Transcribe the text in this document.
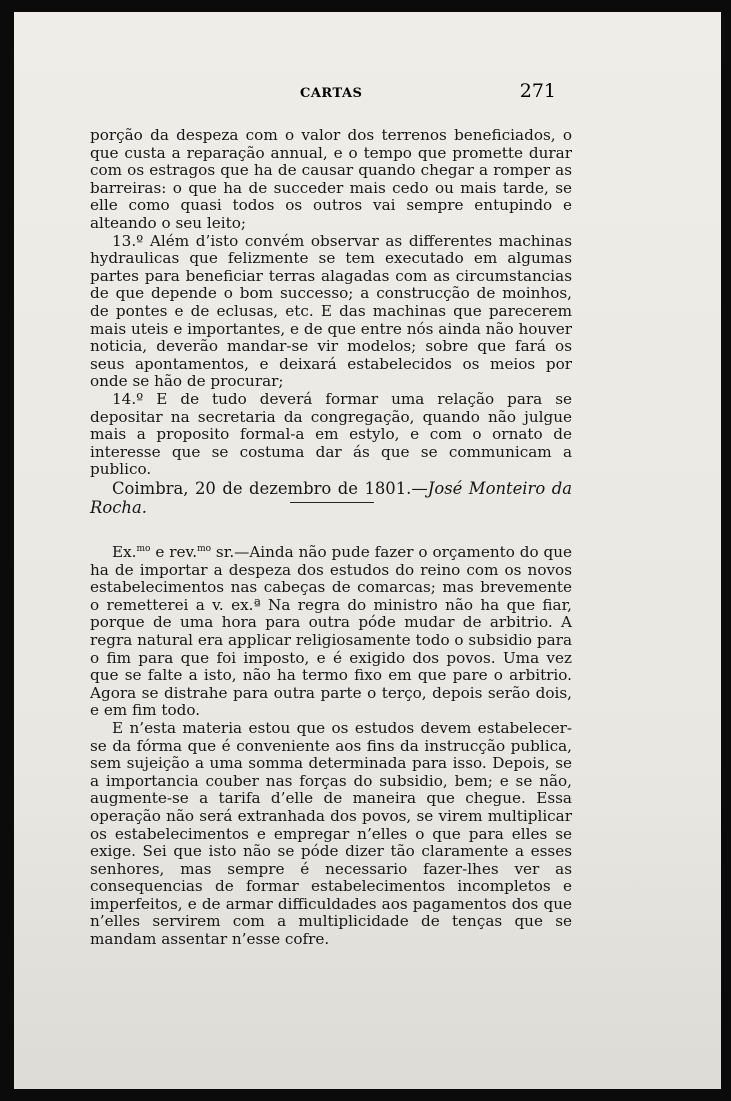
CARTAS	271

porção da despeza com o valor dos terrenos beneficiados, o que custa a reparação annual, e o tempo que promette durar com os estragos que ha de causar quando chegar a romper as barreiras: o que ha de succeder mais cedo ou mais tarde, se elle como quasi todos os outros vai sempre entupindo e alteando o seu leito;

13.º Além d’isto convém observar as differentes machinas hydraulicas que felizmente se tem executado em algumas partes para beneficiar terras alagadas com as circumstancias de que depende o bom successo; a construcção de moinhos, de pontes e de eclusas, etc. E das machinas que parecerem mais uteis e importantes, e de que entre nós ainda não houver noticia, deverão mandar-se vir modelos; sobre que fará os seus apontamentos, e deixará estabelecidos os meios por onde se hão de procurar;

14.º E de tudo deverá formar uma relação para se depositar na secretaria da congregação, quando não julgue mais a proposito formal-a em estylo, e com o ornato de interesse que se costuma dar ás que se communicam a publico.

Coimbra, 20 de dezembro de 1801.—José Monteiro da Rocha.

Ex.$^{mo}$ e rev.$^{mo}$ sr.—Ainda não pude fazer o orçamento do que ha de importar a despeza dos estudos do reino com os novos estabelecimentos nas cabeças de comarcas; mas brevemente o remetterei a v. ex.ª Na regra do ministro não ha que fiar, porque de uma hora para outra póde mudar de arbitrio. A regra natural era applicar religiosamente todo o subsidio para o fim para que foi imposto, e é exigido dos povos. Uma vez que se falte a isto, não ha termo fixo em que pare o arbitrio. Agora se distrahe para outra parte o terço, depois serão dois, e em fim todo.

E n’esta materia estou que os estudos devem estabelecer-se da fórma que é conveniente aos fins da instrucção publica, sem sujeição a uma somma determinada para isso. Depois, se a importancia couber nas forças do subsidio, bem; e se não, augmente-se a tarifa d’elle de maneira que chegue. Essa operação não será extranhada dos povos, se virem multiplicar os estabelecimentos e empregar n’elles o que para elles se exige. Sei que isto não se póde dizer tão claramente a esses senhores, mas sempre é necessario fazer-lhes ver as consequencias de formar estabelecimentos incompletos e imperfeitos, e de armar difficuldades aos pagamentos dos que n’elles servirem com a multiplicidade de tenças que se mandam assentar n’esse cofre.
